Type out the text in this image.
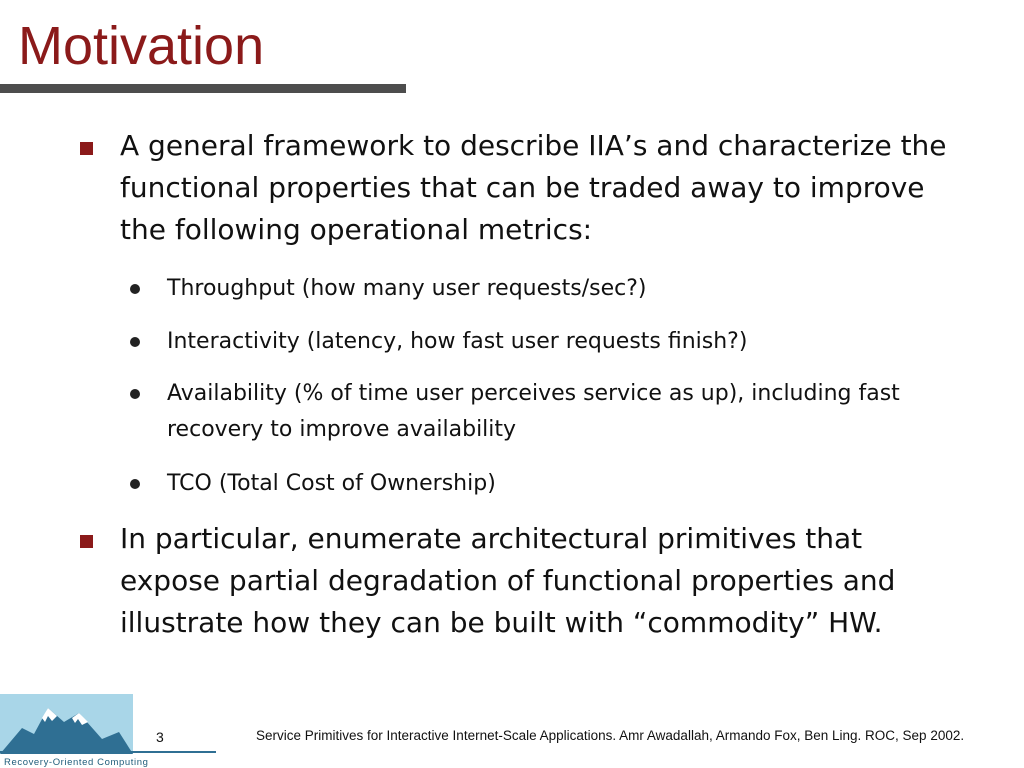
Motivation
A general framework to describe IIA’s and characterize the functional properties that can be traded away to improve the following operational metrics:
Throughput (how many user requests/sec?)
Interactivity (latency, how fast user requests finish?)
Availability (% of time user perceives service as up), including fast recovery to improve availability
TCO (Total Cost of Ownership)
In particular, enumerate architectural primitives that expose partial degradation of functional properties and illustrate how they can be built with “commodity” HW.
Recovery-Oriented Computing
3	Service Primitives for Interactive Internet-Scale Applications. Amr Awadallah, Armando Fox, Ben Ling. ROC, Sep 2002.
